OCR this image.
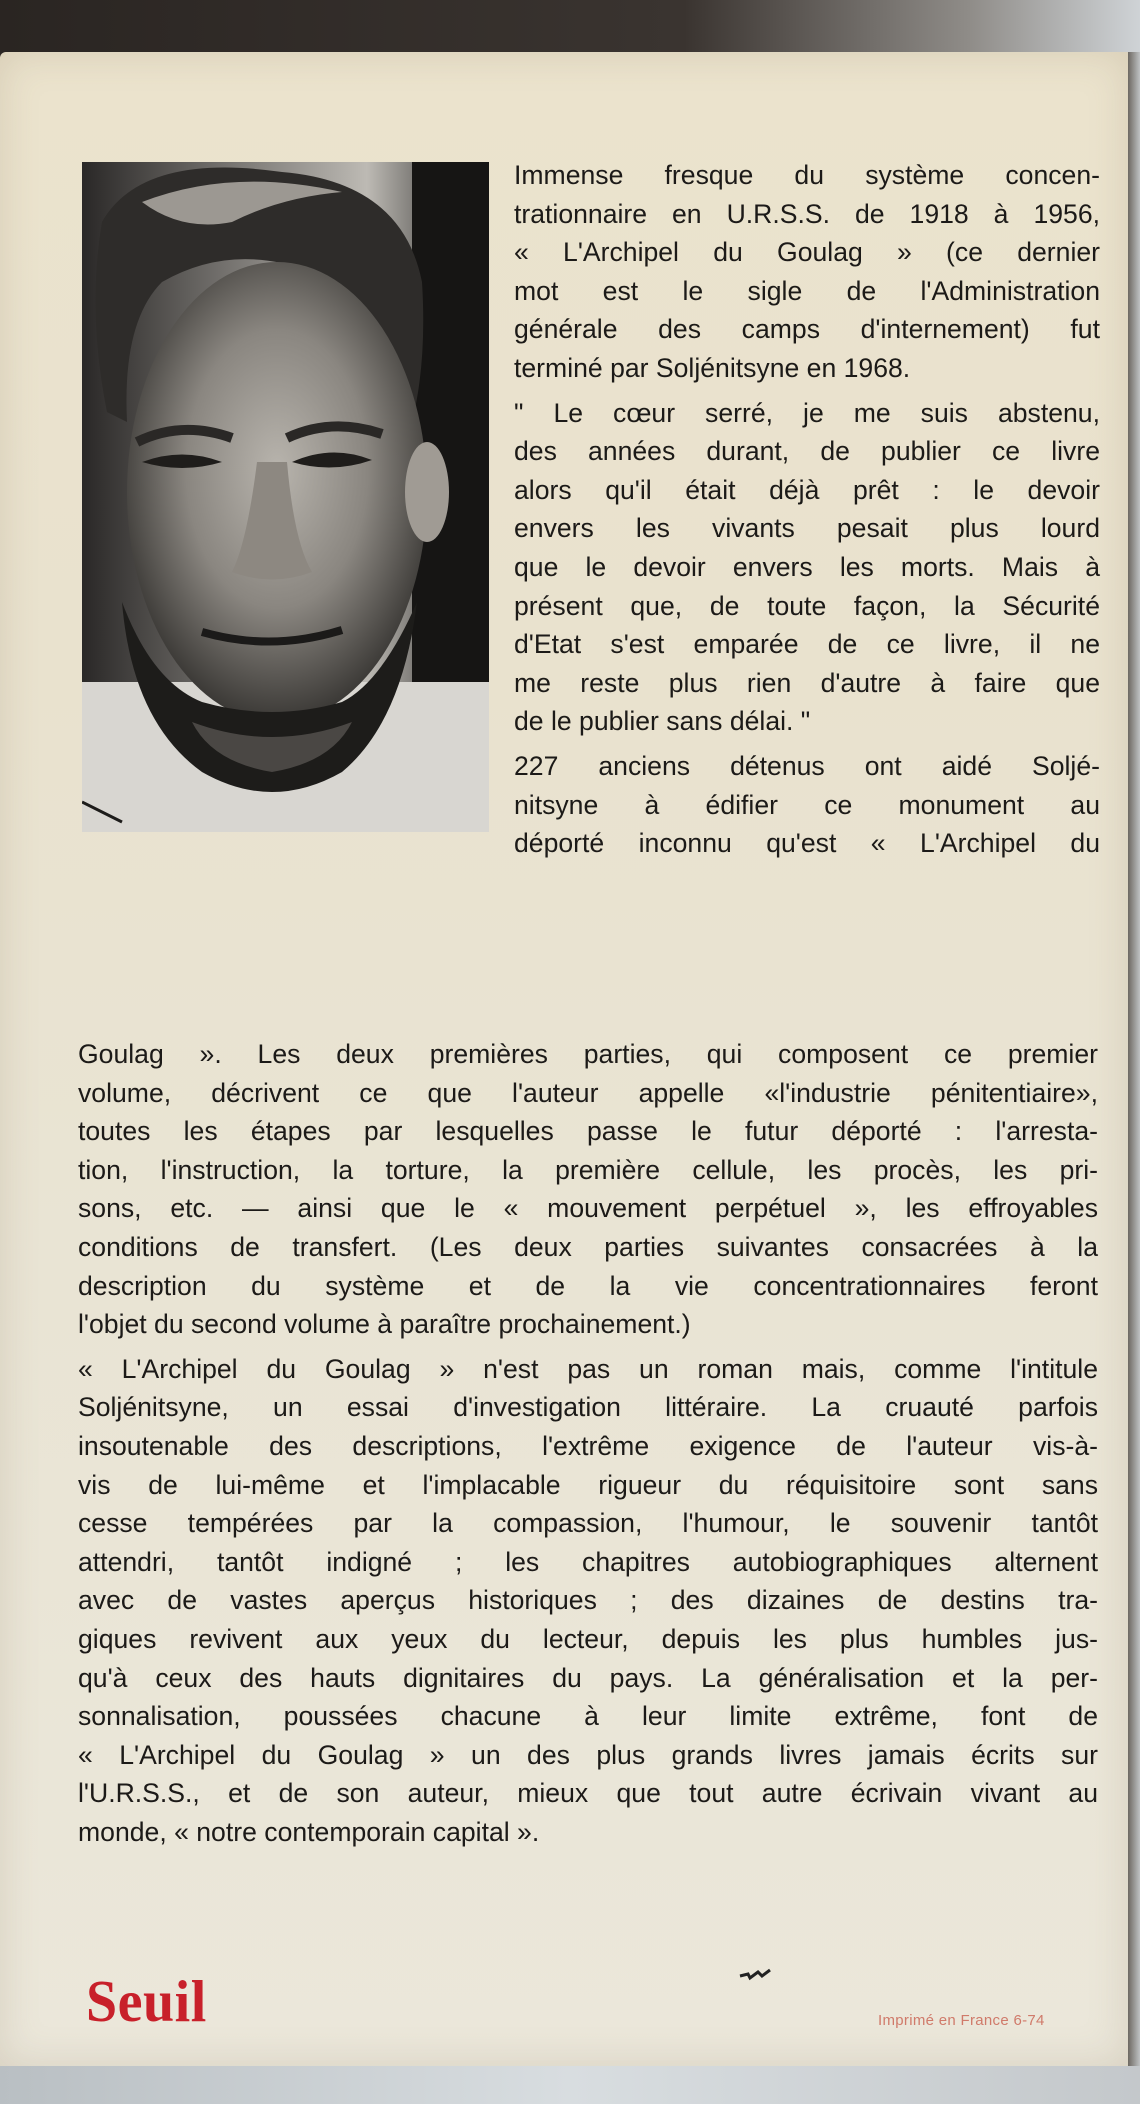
Immense fresque du système concen-

trationnaire en U.R.S.S. de 1918 à 1956,

« L'Archipel du Goulag » (ce dernier

mot est le sigle de l'Administration

générale des camps d'internement) fut

terminé par Soljénitsyne en 1968.

" Le cœur serré, je me suis abstenu,

des années durant, de publier ce livre

alors qu'il était déjà prêt : le devoir

envers les vivants pesait plus lourd

que le devoir envers les morts. Mais à

présent que, de toute façon, la Sécurité

d'Etat s'est emparée de ce livre, il ne

me reste plus rien d'autre à faire que

de le publier sans délai. "

227 anciens détenus ont aidé Soljé-

nitsyne à édifier ce monument au

déporté inconnu qu'est « L'Archipel du

Goulag ». Les deux premières parties, qui composent ce premier

volume, décrivent ce que l'auteur appelle «l'industrie pénitentiaire»,

toutes les étapes par lesquelles passe le futur déporté : l'arresta-

tion, l'instruction, la torture, la première cellule, les procès, les pri-

sons, etc. — ainsi que le « mouvement perpétuel », les effroyables

conditions de transfert. (Les deux parties suivantes consacrées à la

description du système et de la vie concentrationnaires feront

l'objet du second volume à paraître prochainement.)

« L'Archipel du Goulag » n'est pas un roman mais, comme l'intitule

Soljénitsyne, un essai d'investigation littéraire. La cruauté parfois

insoutenable des descriptions, l'extrême exigence de l'auteur vis-à-

vis de lui-même et l'implacable rigueur du réquisitoire sont sans

cesse tempérées par la compassion, l'humour, le souvenir tantôt

attendri, tantôt indigné ; les chapitres autobiographiques alternent

avec de vastes aperçus historiques ; des dizaines de destins tra-

giques revivent aux yeux du lecteur, depuis les plus humbles jus-

qu'à ceux des hauts dignitaires du pays. La généralisation et la per-

sonnalisation, poussées chacune à leur limite extrême, font de

« L'Archipel du Goulag » un des plus grands livres jamais écrits sur

l'U.R.S.S., et de son auteur, mieux que tout autre écrivain vivant au

monde, « notre contemporain capital ».

Seuil	Imprimé en France 6-74
